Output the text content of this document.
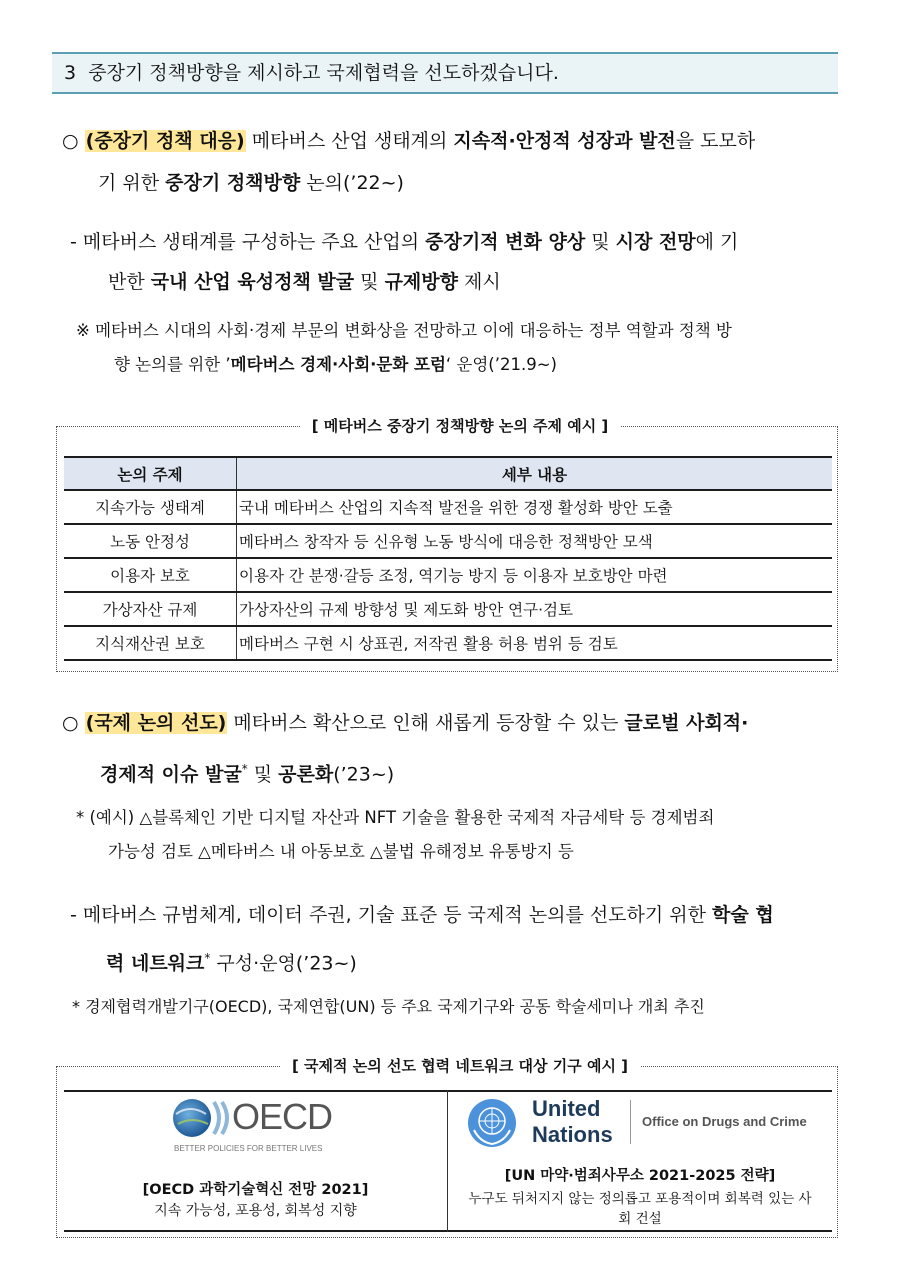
3 중장기 정책방향을 제시하고 국제협력을 선도하겠습니다.
○ (중장기 정책 대응) 메타버스 산업 생태계의 지속적·안정적 성장과 발전을 도모하
기 위한 중장기 정책방향 논의(’22~)
- 메타버스 생태계를 구성하는 주요 산업의 중장기적 변화 양상 및 시장 전망에 기
반한 국내 산업 육성정책 발굴 및 규제방향 제시
※ 메타버스 시대의 사회·경제 부문의 변화상을 전망하고 이에 대응하는 정부 역할과 정책 방
향 논의를 위한 ’메타버스 경제·사회·문화 포럼‘ 운영(’21.9~)
[ 메타버스 중장기 정책방향 논의 주제 예시 ]
논의 주제	세부 내용
지속가능 생태계	국내 메타버스 산업의 지속적 발전을 위한 경쟁 활성화 방안 도출
노동 안정성	메타버스 창작자 등 신유형 노동 방식에 대응한 정책방안 모색
이용자 보호	이용자 간 분쟁·갈등 조정, 역기능 방지 등 이용자 보호방안 마련
가상자산 규제	가상자산의 규제 방향성 및 제도화 방안 연구·검토
지식재산권 보호	메타버스 구현 시 상표권, 저작권 활용 허용 범위 등 검토
○ (국제 논의 선도) 메타버스 확산으로 인해 새롭게 등장할 수 있는 글로벌 사회적·
경제적 이슈 발굴* 및 공론화(’23~)
* (예시) △블록체인 기반 디지털 자산과 NFT 기술을 활용한 국제적 자금세탁 등 경제범죄
가능성 검토 △메타버스 내 아동보호 △불법 유해정보 유통방지 등
- 메타버스 규범체계, 데이터 주권, 기술 표준 등 국제적 논의를 선도하기 위한 학술 협
력 네트워크* 구성·운영(’23~)
* 경제협력개발기구(OECD), 국제연합(UN) 등 주요 국제기구와 공동 학술세미나 개최 추진
[ 국제적 논의 선도 협력 네트워크 대상 기구 예시 ]
OECD
BETTER POLICIES FOR BETTER LIVES
[OECD 과학기술혁신 전망 2021]
지속 가능성, 포용성, 회복성 지향
United
Nations
Office on Drugs and Crime
[UN 마약·범죄사무소 2021-2025 전략]
누구도 뒤처지지 않는 정의롭고 포용적이며 회복력 있는 사
회 건설
